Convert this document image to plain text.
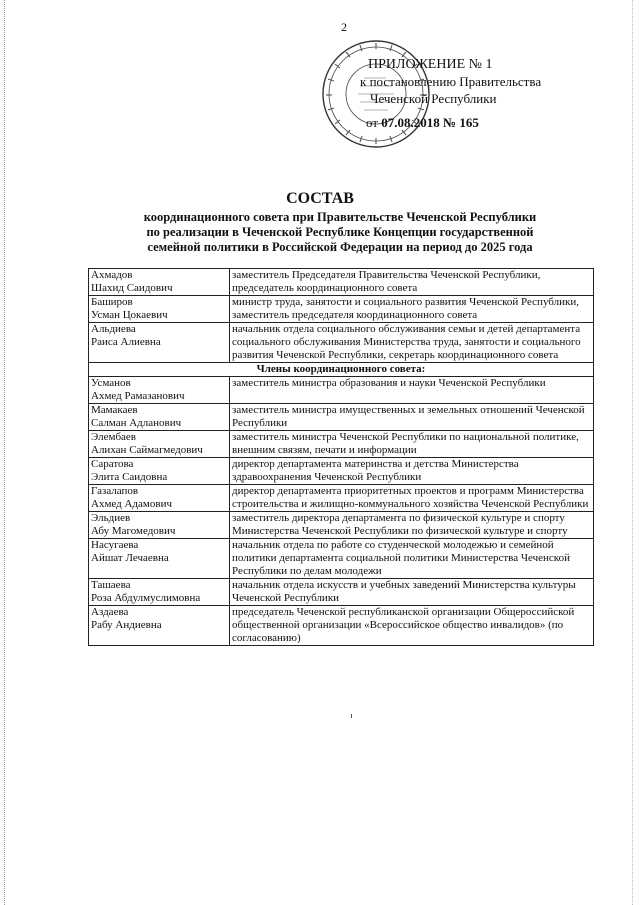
2
ПРИЛОЖЕНИЕ № 1
к постановлению Правительства
Чеченской Республики
от 07.08.2018 № 165
СОСТАВ
координационного совета при Правительстве Чеченской Республики
по реализации в Чеченской Республике Концепции государственной
семейной политики в Российской Федерации на период до 2025 года
Ахмадов
Шахид Саидович	заместитель Председателя Правительства Чеченской Республики, председатель координационного совета

Баширов
Усман Цокаевич	министр труда, занятости и социального развития Чеченской Республики, заместитель председателя координационного совета

Альдиева
Раиса Алиевна	начальник отдела социального обслуживания семьи и детей департамента социального обслуживания Министерства труда, занятости и социального развития Чеченской Республики, секретарь координационного совета
Члены координационного совета:	

Усманов
Ахмед Рамазанович	заместитель министра образования и науки Чеченской Республики

Мамакаев
Салман Адланович	заместитель министра имущественных и земельных отношений Чеченской Республики

Элембаев
Алихан Саймагмедович	заместитель министра Чеченской Республики по национальной политике, внешним связям, печати и информации

Саратова
Элита Саидовна	директор департамента материнства и детства Министерства здравоохранения Чеченской Республики

Газалапов
Ахмед Адамович	директор департамента приоритетных проектов и программ Министерства строительства и жилищно-коммунального хозяйства Чеченской Республики

Эльдиев
Абу Магомедович	заместитель директора департамента по физической культуре и спорту Министерства Чеченской Республики по физической культуре и спорту

Насугаева
Айшат Лечаевна	начальник отдела по работе со студенческой молодежью и семейной политики департамента социальной политики Министерства Чеченской Республики по делам молодежи

Ташаева
Роза Абдулмуслимовна	начальник отдела искусств и учебных заведений Министерства культуры Чеченской Республики

Аздаева
Рабу Андиевна	председатель Чеченской республиканской организации Общероссийской общественной организации «Всероссийское общество инвалидов» (по согласованию)
